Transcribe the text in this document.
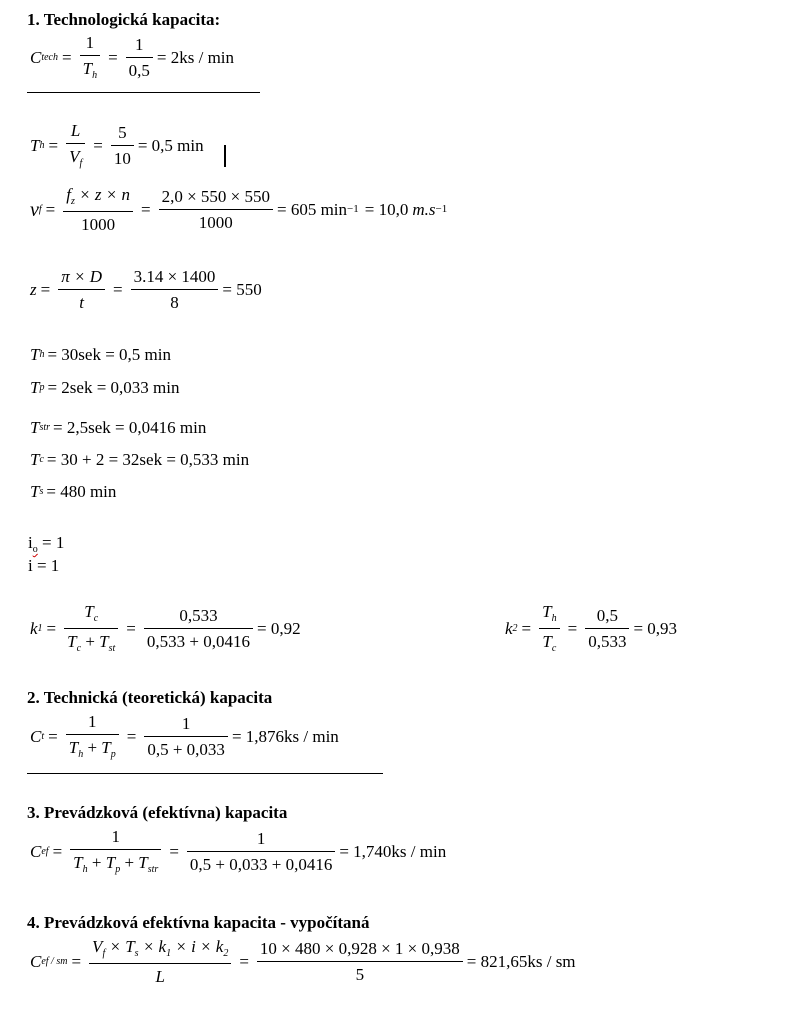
1. Technologická kapacita:
C tech =
1
$T_h$
=
1
0,5
= 2ks / min
T h =
L
$V_f$
=
5
10
= 0,5 min
v f =
$f_z \times z \times n$
1000
=
2,0 × 550 × 550
1000
= 605 min −1 = 10,0 m.s −1
z =
π × D
t
=
3.14 × 1400
8
= 550
T h = 30sek = 0,5 min
T p = 2sek = 0,033 min
T str = 2,5sek = 0,0416 min
T c = 30 + 2 = 32sek = 0,533 min
T s = 480 min
$i_o = 1$
i = 1
k 1 =
$T_c$
$T_c + T_{st}$
=
0,533
0,533 + 0,0416
= 0,92	k 2 =
$T_h$
$T_c$
=
0,5
0,533
= 0,93
2. Technická (teoretická) kapacita
C t =
1
$T_h + T_p$
=
1
0,5 + 0,033
= 1,876ks / min
3. Prevádzková (efektívna) kapacita
C ef =
1
$T_h + T_p + T_{str}$
=
1
0,5 + 0,033 + 0,0416
= 1,740ks / min
4. Prevádzková efektívna kapacita - vypočítaná
C ef / sm =
$V_f \times T_s \times k_1 \times i \times k_2$
L
=
10 × 480 × 0,928 × 1 × 0,938
5
= 821,65ks / sm
